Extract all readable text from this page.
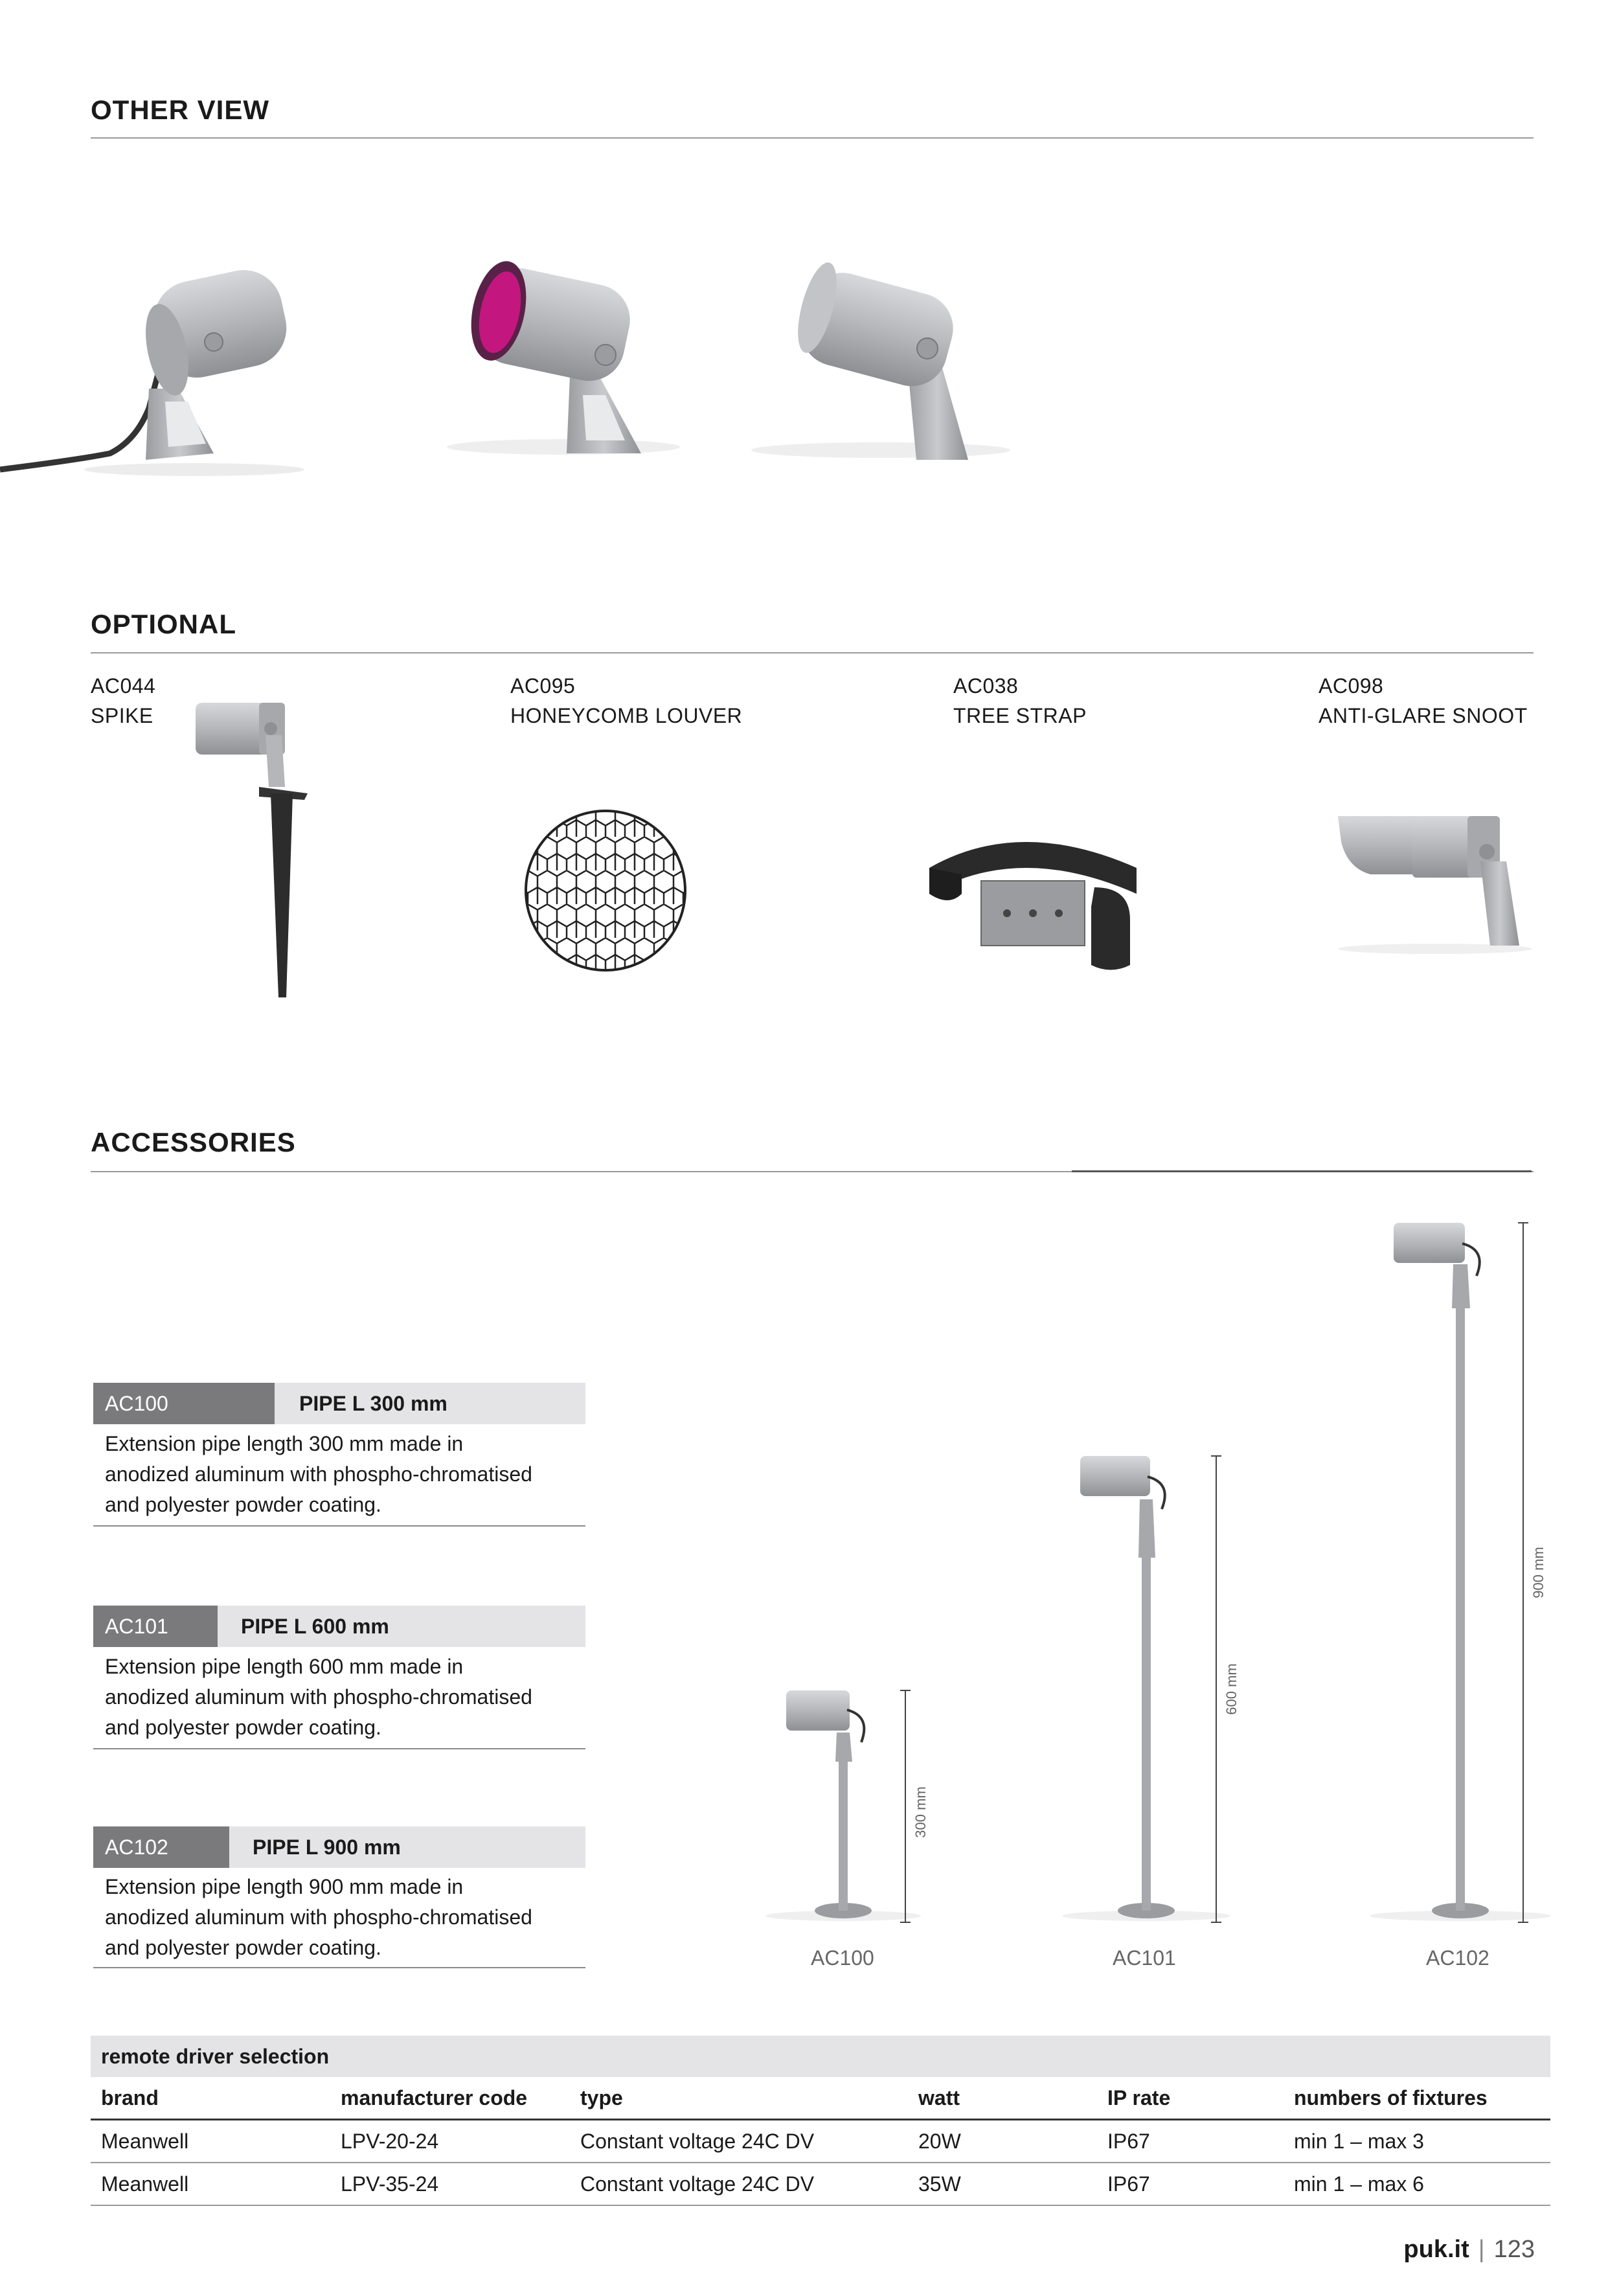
OTHER VIEW
OPTIONAL
AC044
SPIKE
AC095
HONEYCOMB LOUVER
AC038
TREE STRAP
AC098
ANTI-GLARE SNOOT
ACCESSORIES
AC100	PIPE L 300 mm
Extension pipe length 300 mm made in
anodized aluminum with phospho-chromatised
and polyester powder coating.
AC101	PIPE L 600 mm
Extension pipe length 600 mm made in
anodized aluminum with phospho-chromatised
and polyester powder coating.
AC102	PIPE L 900 mm
Extension pipe length 900 mm made in
anodized aluminum with phospho-chromatised
and polyester powder coating.
300 mm
600 mm
900 mm
AC100	AC101	AC102
remote driver selection					
brand	manufacturer code	type	watt	IP rate	numbers of fixtures
Meanwell	LPV-20-24	Constant voltage 24C DV	20W	IP67	min 1 – max 3
Meanwell	LPV-35-24	Constant voltage 24C DV	35W	IP67	min 1 – max 6
puk.it | 123
